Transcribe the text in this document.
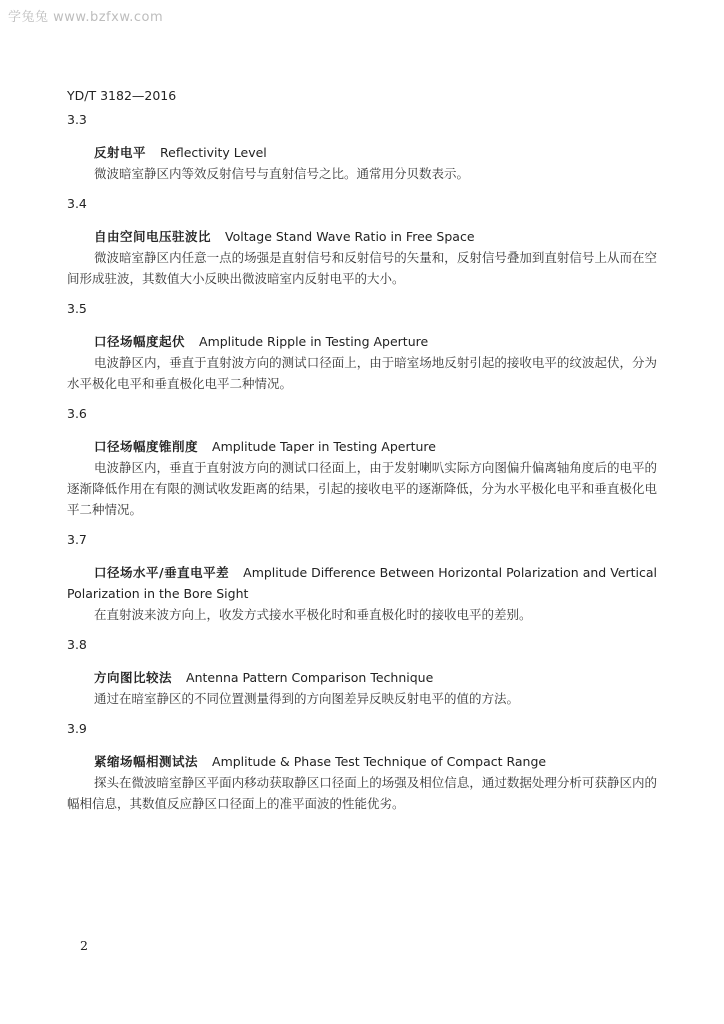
学兔兔 www.bzfxw.com
YD/T 3182—2016
3.3
反射电平 Reflectivity Level
微波暗室静区内等效反射信号与直射信号之比。通常用分贝数表示。
3.4
自由空间电压驻波比 Voltage Stand Wave Ratio in Free Space
微波暗室静区内任意一点的场强是直射信号和反射信号的矢量和，反射信号叠加到直射信号上从而在空间形成驻波，其数值大小反映出微波暗室内反射电平的大小。
3.5
口径场幅度起伏 Amplitude Ripple in Testing Aperture
电波静区内，垂直于直射波方向的测试口径面上，由于暗室场地反射引起的接收电平的纹波起伏，分为水平极化电平和垂直极化电平二种情况。
3.6
口径场幅度锥削度 Amplitude Taper in Testing Aperture
电波静区内，垂直于直射波方向的测试口径面上，由于发射喇叭实际方向图偏升偏离轴角度后的电平的逐渐降低作用在有限的测试收发距离的结果，引起的接收电平的逐渐降低，分为水平极化电平和垂直极化电平二种情况。
3.7
口径场水平/垂直电平差 Amplitude Difference Between Horizontal Polarization and Vertical
Polarization in the Bore Sight
在直射波来波方向上，收发方式接水平极化时和垂直极化时的接收电平的差别。
3.8
方向图比较法 Antenna Pattern Comparison Technique
通过在暗室静区的不同位置测量得到的方向图差异反映反射电平的值的方法。
3.9
紧缩场幅相测试法 Amplitude & Phase Test Technique of Compact Range
探头在微波暗室静区平面内移动获取静区口径面上的场强及相位信息，通过数据处理分析可获静区内的幅相信息，其数值反应静区口径面上的准平面波的性能优劣。
2
